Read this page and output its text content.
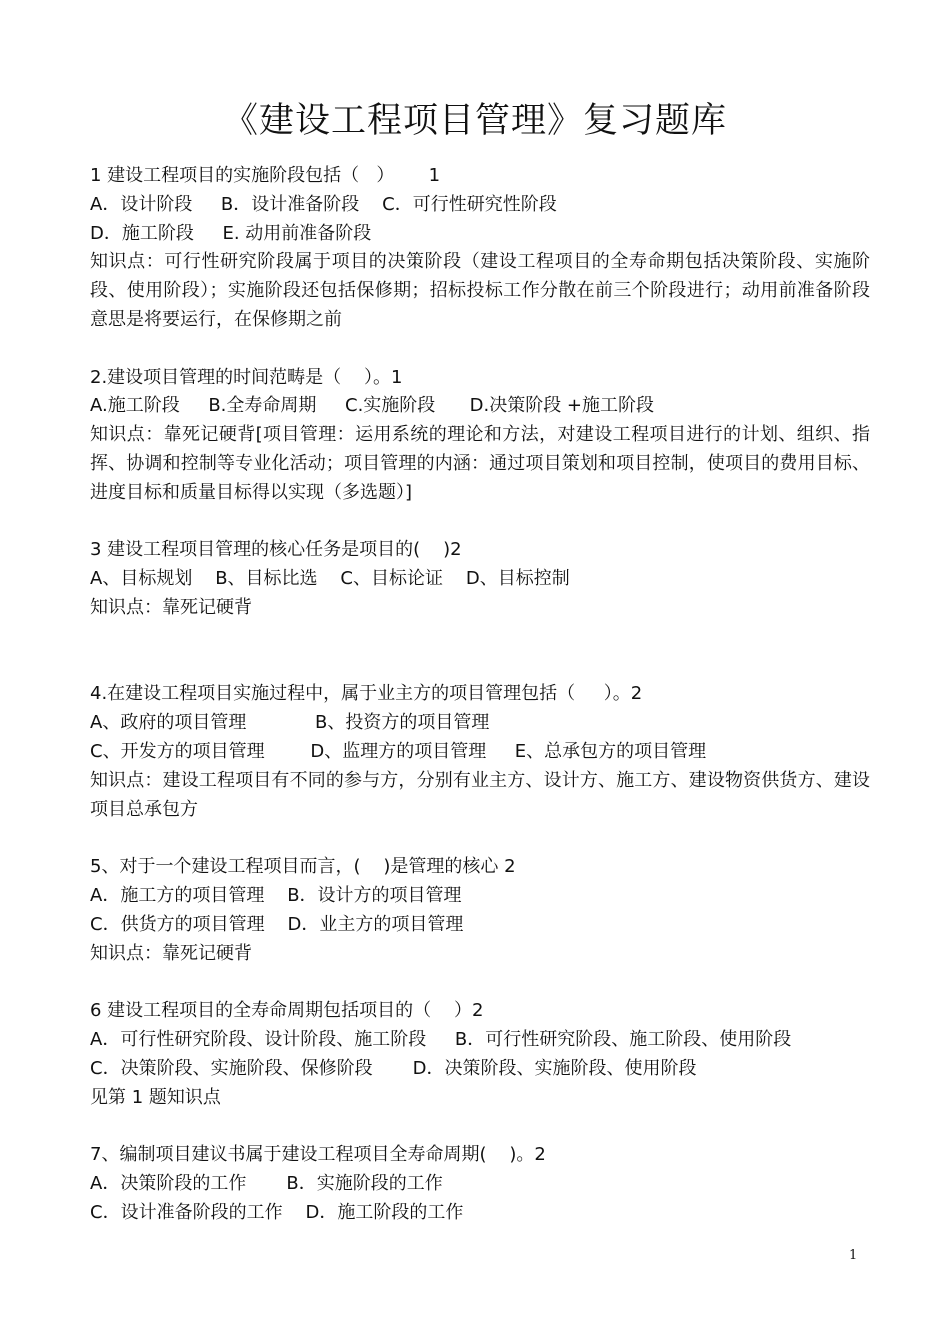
《建设工程项目管理》复习题库
1 建设工程项目的实施阶段包括（   ）      1
A．设计阶段     B．设计准备阶段    C．可行性研究性阶段
D．施工阶段     E. 动用前准备阶段
知识点：可行性研究阶段属于项目的决策阶段（建设工程项目的全寿命期包括决策阶段、实施阶段、使用阶段）；实施阶段还包括保修期；招标投标工作分散在前三个阶段进行；动用前准备阶段意思是将要运行，在保修期之前
2.建设项目管理的时间范畴是（    ）。1
A.施工阶段     B.全寿命周期     C.实施阶段      D.决策阶段 +施工阶段
知识点：靠死记硬背[项目管理：运用系统的理论和方法，对建设工程项目进行的计划、组织、指挥、协调和控制等专业化活动；项目管理的内涵：通过项目策划和项目控制，使项目的费用目标、进度目标和质量目标得以实现（多选题）]
3 建设工程项目管理的核心任务是项目的(    )2
A、目标规划    B、目标比选    C、目标论证    D、目标控制
知识点：靠死记硬背
4.在建设工程项目实施过程中，属于业主方的项目管理包括（     ）。2
A、政府的项目管理            B、投资方的项目管理
C、开发方的项目管理        D、监理方的项目管理     E、总承包方的项目管理
知识点：建设工程项目有不同的参与方，分别有业主方、设计方、施工方、建设物资供货方、建设项目总承包方
5、对于一个建设工程项目而言，(    )是管理的核心 2
A．施工方的项目管理    B．设计方的项目管理
C．供货方的项目管理    D．业主方的项目管理
知识点：靠死记硬背
6 建设工程项目的全寿命周期包括项目的（    ）2
A．可行性研究阶段、设计阶段、施工阶段     B．可行性研究阶段、施工阶段、使用阶段
C．决策阶段、实施阶段、保修阶段       D．决策阶段、实施阶段、使用阶段
见第 1 题知识点
7、编制项目建议书属于建设工程项目全寿命周期(    )。2
A．决策阶段的工作       B．实施阶段的工作
C．设计准备阶段的工作    D．施工阶段的工作
1
